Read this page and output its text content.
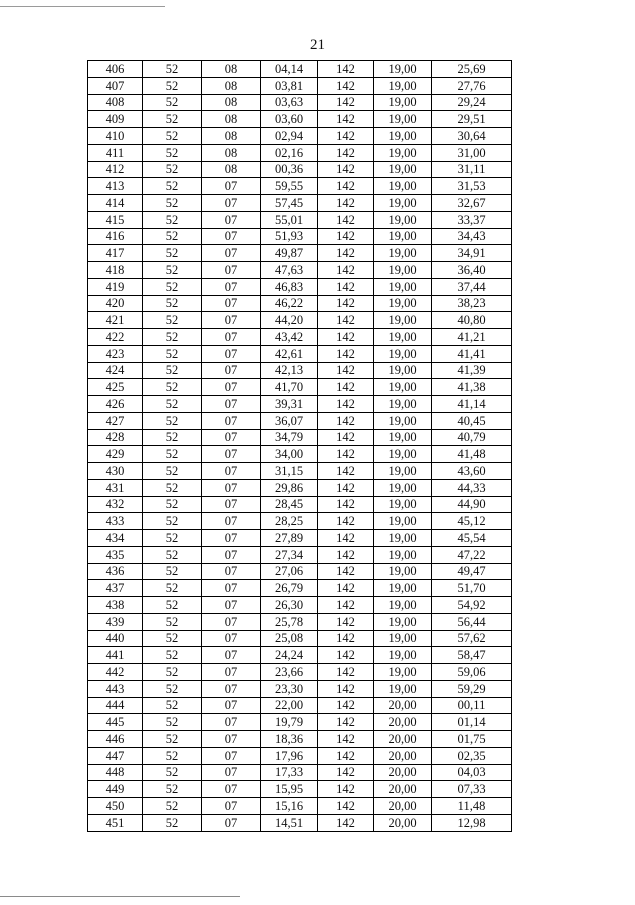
21
406	52	08	04,14	142	19,00	25,69
407	52	08	03,81	142	19,00	27,76
408	52	08	03,63	142	19,00	29,24
409	52	08	03,60	142	19,00	29,51
410	52	08	02,94	142	19,00	30,64
411	52	08	02,16	142	19,00	31,00
412	52	08	00,36	142	19,00	31,11
413	52	07	59,55	142	19,00	31,53
414	52	07	57,45	142	19,00	32,67
415	52	07	55,01	142	19,00	33,37
416	52	07	51,93	142	19,00	34,43
417	52	07	49,87	142	19,00	34,91
418	52	07	47,63	142	19,00	36,40
419	52	07	46,83	142	19,00	37,44
420	52	07	46,22	142	19,00	38,23
421	52	07	44,20	142	19,00	40,80
422	52	07	43,42	142	19,00	41,21
423	52	07	42,61	142	19,00	41,41
424	52	07	42,13	142	19,00	41,39
425	52	07	41,70	142	19,00	41,38
426	52	07	39,31	142	19,00	41,14
427	52	07	36,07	142	19,00	40,45
428	52	07	34,79	142	19,00	40,79
429	52	07	34,00	142	19,00	41,48
430	52	07	31,15	142	19,00	43,60
431	52	07	29,86	142	19,00	44,33
432	52	07	28,45	142	19,00	44,90
433	52	07	28,25	142	19,00	45,12
434	52	07	27,89	142	19,00	45,54
435	52	07	27,34	142	19,00	47,22
436	52	07	27,06	142	19,00	49,47
437	52	07	26,79	142	19,00	51,70
438	52	07	26,30	142	19,00	54,92
439	52	07	25,78	142	19,00	56,44
440	52	07	25,08	142	19,00	57,62
441	52	07	24,24	142	19,00	58,47
442	52	07	23,66	142	19,00	59,06
443	52	07	23,30	142	19,00	59,29
444	52	07	22,00	142	20,00	00,11
445	52	07	19,79	142	20,00	01,14
446	52	07	18,36	142	20,00	01,75
447	52	07	17,96	142	20,00	02,35
448	52	07	17,33	142	20,00	04,03
449	52	07	15,95	142	20,00	07,33
450	52	07	15,16	142	20,00	11,48
451	52	07	14,51	142	20,00	12,98
